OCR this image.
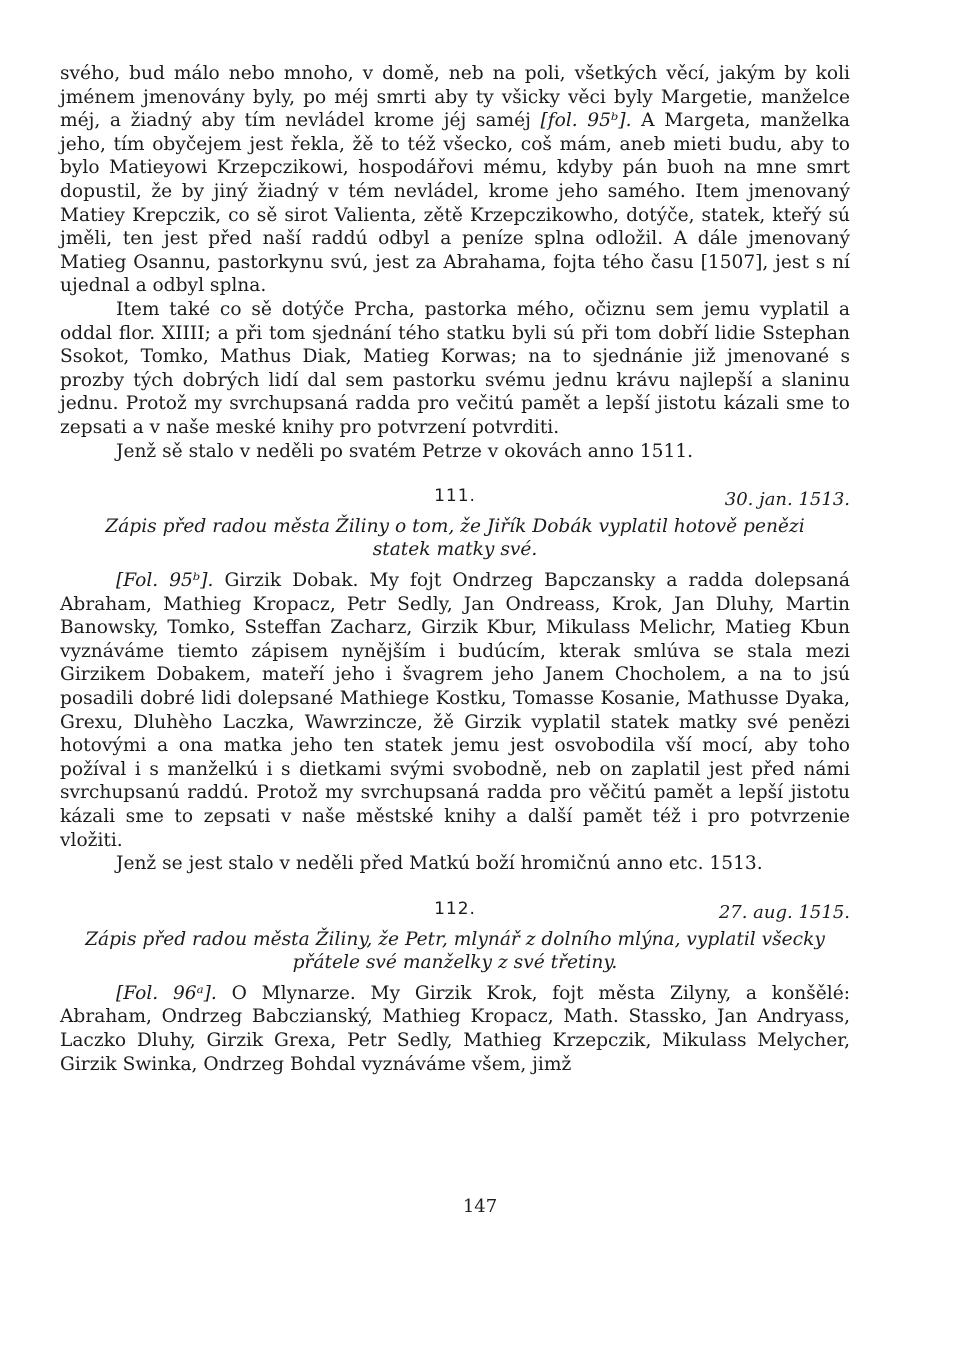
svého, bud málo nebo mnoho, v domě, neb na poli, všetkých věcí, jakým by koli jménem jmenovány byly, po méj smrti aby ty všicky věci byly Margetie, manželce méj, a žiadný aby tím nevládel krome jéj saméj [fol. 95ᵇ]. A Margeta, manželka jeho, tím obyčejem jest řekla, žě to též všecko, coš mám, aneb mieti budu, aby to bylo Matieyowi Krzepczikowi, hospodářovi mému, kdyby pán buoh na mne smrt dopustil, že by jiný žiadný v tém nevládel, krome jeho samého. Item jmenovaný Matiey Krepczik, co sě sirot Valienta, zětě Krzepczikowho, dotýče, statek, kteřý sú jměli, ten jest před naší raddú odbyl a peníze splna odložil. A dále jmenovaný Matieg Osannu, pastorkynu svú, jest za Abrahama, fojta tého času [1507], jest s ní ujednal a odbyl splna.

Item také co sě dotýče Prcha, pastorka mého, očiznu sem jemu vyplatil a oddal flor. XIIII; a při tom sjednání tého statku byli sú při tom dobří lidie Sstephan Ssokot, Tomko, Mathus Diak, Matieg Korwas; na to sjednánie již jmenované s prozby tých dobrých lidí dal sem pastorku svému jednu krávu najlepší a slaninu jednu. Protož my svrchupsaná radda pro večitú pamět a lepší jistotu kázali sme to zepsati a v naše meské knihy pro potvrzení potvrditi.

Jenž sě stalo v neděli po svatém Petrze v okovách anno 1511.

111.	30. jan. 1513.

Zápis před radou města Žiliny o tom, že Jiřík Dobák vyplatil hotově penězi statek matky své.

[Fol. 95ᵇ]. Girzik Dobak. My fojt Ondrzeg Bapczansky a radda dolepsaná Abraham, Mathieg Kropacz, Petr Sedly, Jan Ondreass, Krok, Jan Dluhy, Martin Banowsky, Tomko, Ssteffan Zacharz, Girzik Kbur, Mikulass Melichr, Matieg Kbun vyznáváme tiemto zápisem nynějším i budúcím, kterak smlúva se stala mezi Girzikem Dobakem, mateří jeho i švagrem jeho Janem Chocholem, a na to jsú posadili dobré lidi dolepsané Mathiege Kostku, Tomasse Kosanie, Mathusse Dyaka, Grexu, Dluhèho Laczka, Wawrzincze, žě Girzik vyplatil statek matky své penězi hotovými a ona matka jeho ten statek jemu jest osvobodila vší mocí, aby toho požíval i s manželkú i s dietkami svými svobodně, neb on zaplatil jest před námi svrchupsanú raddú. Protož my svrchupsaná radda pro věčitú pamět a lepší jistotu kázali sme to zepsati v naše městské knihy a další pamět též i pro potvrzenie vložiti.

Jenž se jest stalo v neděli před Matkú boží hromičnú anno etc. 1513.

112.	27. aug. 1515.

Zápis před radou města Žiliny, že Petr, mlynář z dolního mlýna, vyplatil všecky přátele své manželky z své třetiny.

[Fol. 96ᵃ]. O Mlynarze. My Girzik Krok, fojt města Zilyny, a konšělé: Abraham, Ondrzeg Babczianský, Mathieg Kropacz, Math. Stassko, Jan Andryass, Laczko Dluhy, Girzik Grexa, Petr Sedly, Mathieg Krzepczik, Mikulass Melycher, Girzik Swinka, Ondrzeg Bohdal vyznáváme všem, jimž

147
